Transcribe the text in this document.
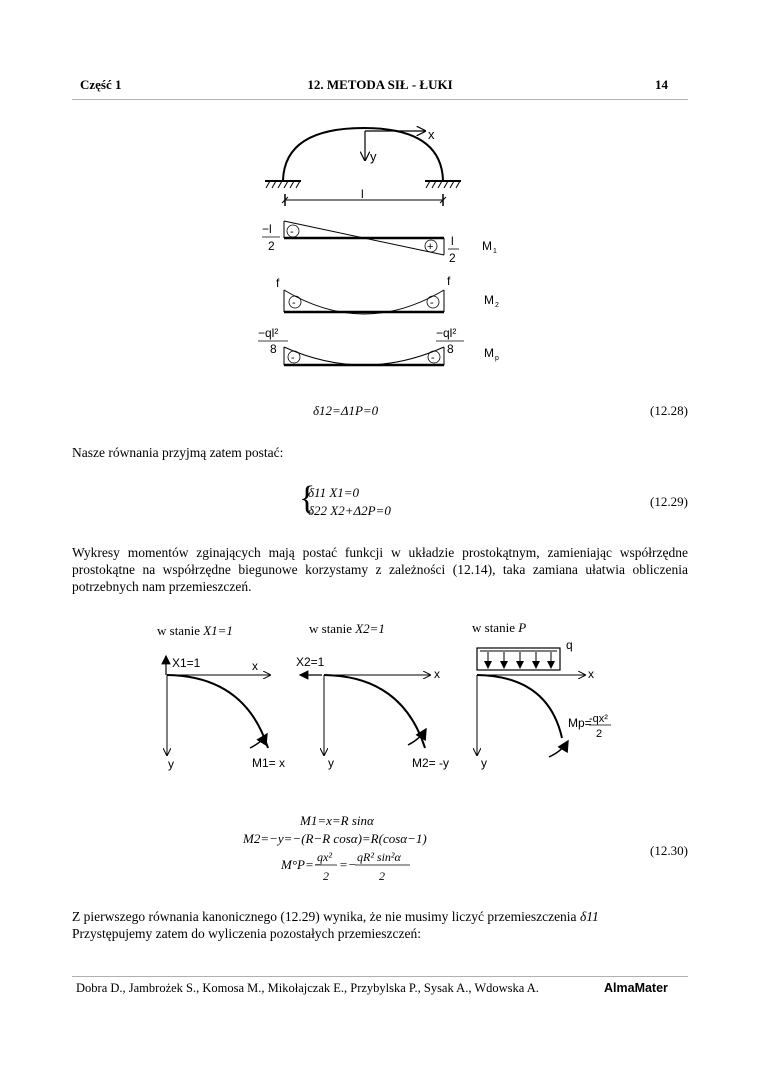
Część 1	12. METODA SIŁ - ŁUKI	14
x
y
l
-
+
−l
2	l
2
M 1
-	-
f	f
M 2
-	-
−ql²
8
−ql²
8	M p
δ12=Δ1P=0	(12.28)
Nasze równania przyjmą zatem postać:
{
δ11 X1=0
δ22 X2+Δ2P=0
(12.29)
Wykresy momentów zginających mają postać funkcji w układzie prostokątnym, zamieniając współrzędne prostokątne na współrzędne biegunowe korzystamy z zależności (12.14), taka zamiana ułatwia obliczenia potrzebnych nam przemieszczeń.
w stanie X1=1	w stanie X2=1	w stanie P
X1=1	x
y	M1= x
X2=1
x
y	M2= -y
q
x
y
Mp=
-qx²
2
M1=x=R sinα
M2=−y=−(R−R cosα)=R(cosα−1)
M°P=−
qx²
2
=− qR² sin²α
2
(12.30)

Z pierwszego równania kanonicznego (12.29) wynika, że nie musimy liczyć przemieszczenia δ11

Przystępujemy zatem do wyliczenia pozostałych przemieszczeń:

Dobra D., Jambrożek S., Komosa M., Mikołajczak E., Przybylska P., Sysak A., Wdowska A.	AlmaMater
